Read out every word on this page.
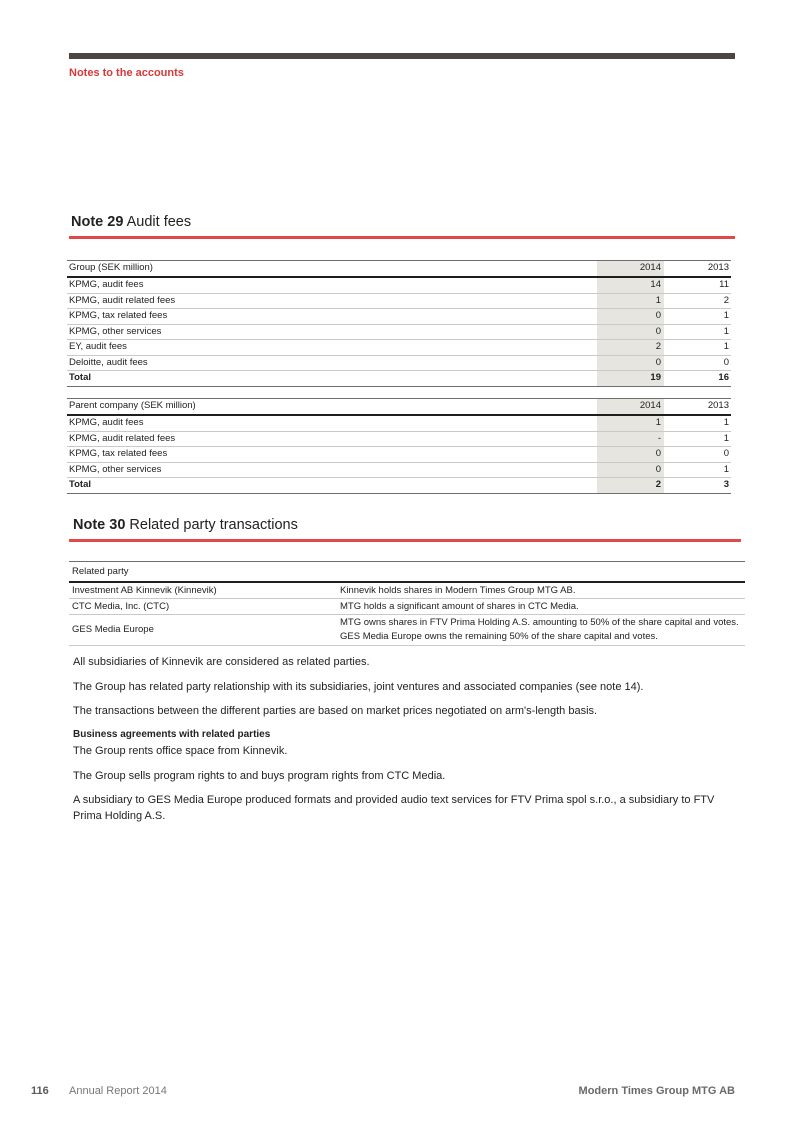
Notes to the accounts
Note 29 Audit fees
Group (SEK million)	2014	2013
KPMG, audit fees	14	11
KPMG, audit related fees	1	2
KPMG, tax related fees	0	1
KPMG, other services	0	1
EY, audit fees	2	1
Deloitte, audit fees	0	0
Total	19	16
Parent company (SEK million)	2014	2013
KPMG, audit fees	1	1
KPMG, audit related fees	-	1
KPMG, tax related fees	0	0
KPMG, other services	0	1
Total	2	3
Note 30 Related party transactions
Related party	
Investment AB Kinnevik (Kinnevik)	Kinnevik holds shares in Modern Times Group MTG AB.
CTC Media, Inc. (CTC)	MTG holds a significant amount of shares in CTC Media.
GES Media Europe	MTG owns shares in FTV Prima Holding A.S. amounting to 50% of the share capital and votes. GES Media Europe owns the remaining 50% of the share capital and votes.
All subsidiaries of Kinnevik are considered as related parties.
The Group has related party relationship with its subsidiaries, joint ventures and associated companies (see note 14).
The transactions between the different parties are based on market prices negotiated on arm's-length basis.
Business agreements with related parties
The Group rents office space from Kinnevik.
The Group sells program rights to and buys program rights from CTC Media.
A subsidiary to GES Media Europe produced formats and provided audio text services for FTV Prima spol s.r.o., a subsidiary to FTV Prima Holding A.S.
116 Annual Report 2014	Modern Times Group MTG AB
